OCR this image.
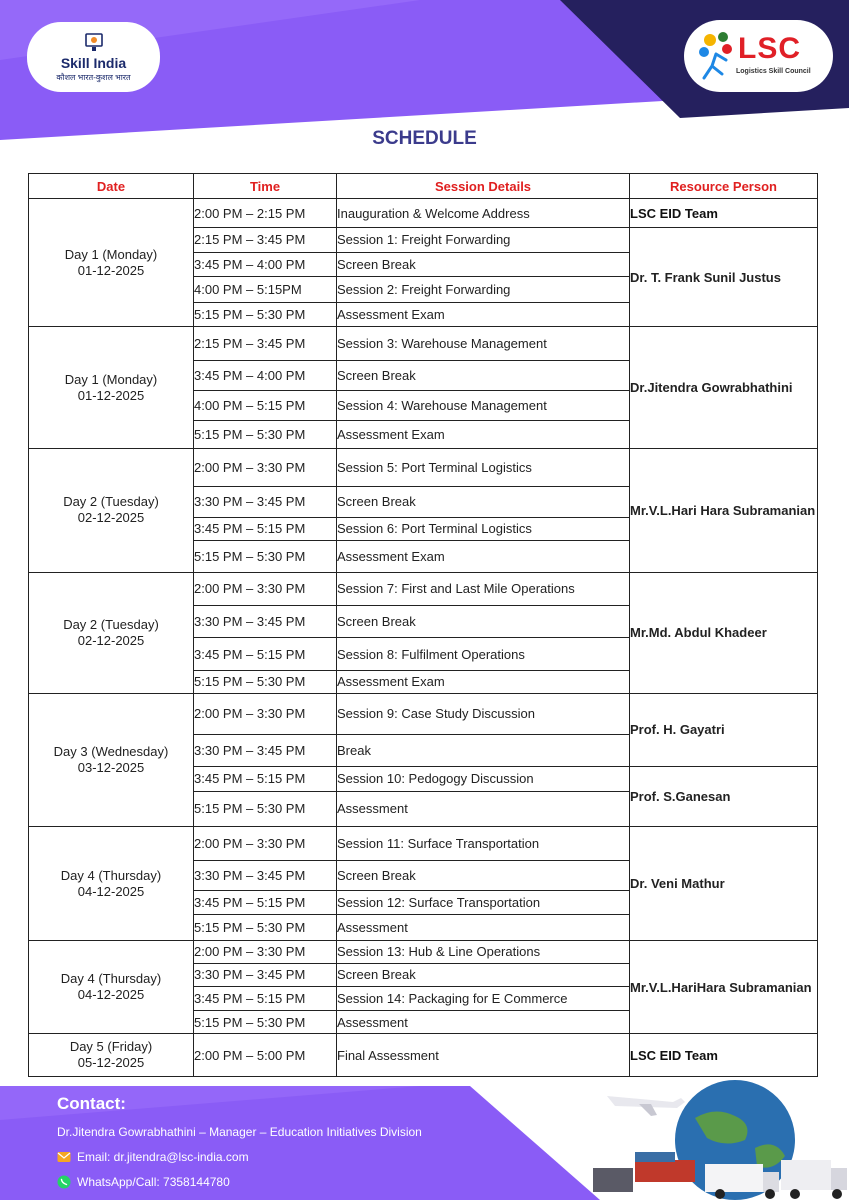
Skill India
कौशल भारत-कुशल भारत
LSC
Logistics Skill Council
SCHEDULE
Date	Time	Session Details	Resource Person
Day 1 (Monday)
01-12-2025	2:00 PM – 2:15 PM	Inauguration & Welcome Address	LSC EID Team
	2:15 PM – 3:45 PM	Session 1: Freight Forwarding	Dr. T. Frank Sunil Justus
	3:45 PM – 4:00 PM	Screen Break	
	4:00 PM – 5:15PM	Session 2: Freight Forwarding	
	5:15 PM – 5:30 PM	Assessment Exam	
Day 1 (Monday)
01-12-2025	2:15 PM – 3:45 PM	Session 3: Warehouse Management	Dr.Jitendra Gowrabhathini
	3:45 PM – 4:00 PM	Screen Break	
	4:00 PM – 5:15 PM	Session 4: Warehouse Management	
	5:15 PM – 5:30 PM	Assessment Exam	
Day 2 (Tuesday)
02-12-2025	2:00 PM – 3:30 PM	Session 5: Port Terminal Logistics	Mr.V.L.Hari Hara Subramanian
	3:30 PM – 3:45 PM	Screen Break	
	3:45 PM – 5:15 PM	Session 6: Port Terminal Logistics	
	5:15 PM – 5:30 PM	Assessment Exam	
Day 2 (Tuesday)
02-12-2025	2:00 PM – 3:30 PM	Session 7: First and Last Mile Operations	Mr.Md. Abdul Khadeer
	3:30 PM – 3:45 PM	Screen Break	
	3:45 PM – 5:15 PM	Session 8: Fulfilment Operations	
	5:15 PM – 5:30 PM	Assessment Exam	
Day 3 (Wednesday)
03-12-2025	2:00 PM – 3:30 PM	Session 9: Case Study Discussion	Prof. H. Gayatri
	3:30 PM – 3:45 PM	Break	
	3:45 PM – 5:15 PM	Session 10: Pedogogy Discussion	Prof. S.Ganesan
	5:15 PM – 5:30 PM	Assessment	
Day 4 (Thursday)
04-12-2025	2:00 PM – 3:30 PM	Session 11: Surface Transportation	Dr. Veni Mathur
	3:30 PM – 3:45 PM	Screen Break	
	3:45 PM – 5:15 PM	Session 12: Surface Transportation	
	5:15 PM – 5:30 PM	Assessment	
Day 4 (Thursday)
04-12-2025	2:00 PM – 3:30 PM	Session 13: Hub & Line Operations	Mr.V.L.HariHara Subramanian
	3:30 PM – 3:45 PM	Screen Break	
	3:45 PM – 5:15 PM	Session 14: Packaging for E Commerce	
	5:15 PM – 5:30 PM	Assessment	
Day 5 (Friday)
05-12-2025	2:00 PM – 5:00 PM	Final Assessment	LSC EID Team
Contact:
Dr.Jitendra Gowrabhathini – Manager – Education Initiatives Division
Email: dr.jitendra@lsc-india.com
WhatsApp/Call: 7358144780
